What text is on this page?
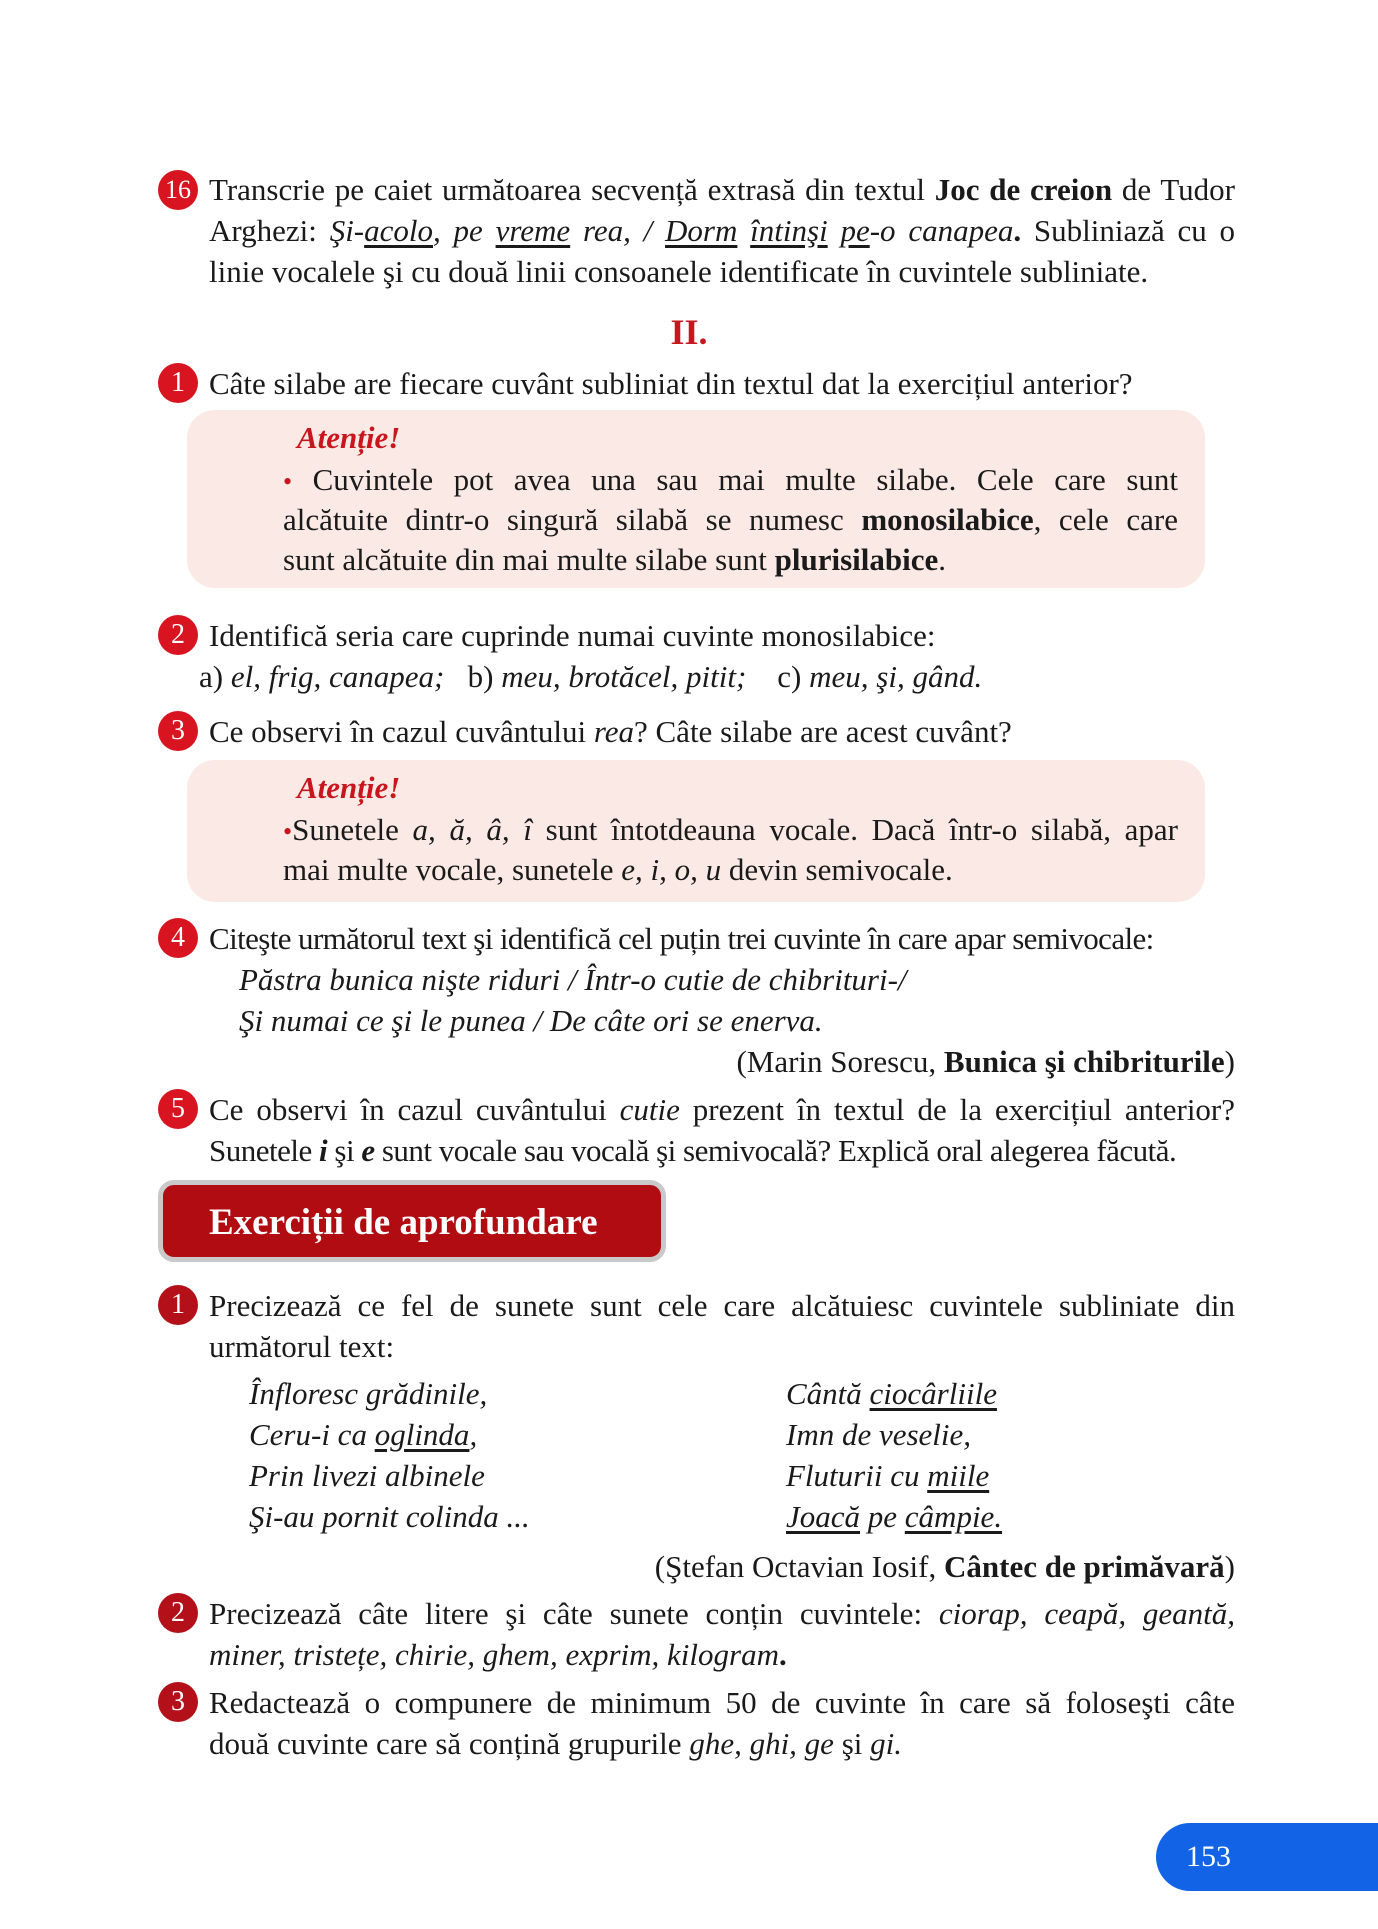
16 Transcrie pe caiet următoarea secvență extrasă din textul Joc de creion de Tudor
Arghezi: Şi-acolo, pe vreme rea, / Dorm întinşi pe-o canapea. Subliniază cu o
linie vocalele şi cu două linii consoanele identificate în cuvintele subliniate.
II.
1 Câte silabe are fiecare cuvânt subliniat din textul dat la exercițiul anterior?
Atenție!
• Cuvintele pot avea una sau mai multe silabe. Cele care sunt
alcătuite dintr-o singură silabă se numesc monosilabice, cele care
sunt alcătuite din mai multe silabe sunt plurisilabice.
2 Identifică seria care cuprinde numai cuvinte monosilabice:
a) el, frig, canapea; b) meu, brotăcel, pitit; c) meu, şi, gând.
3 Ce observi în cazul cuvântului rea? Câte silabe are acest cuvânt?
Atenție!
•Sunetele a, ă, â, î sunt întotdeauna vocale. Dacă într-o silabă, apar
mai multe vocale, sunetele e, i, o, u devin semivocale.
4 Citeşte următorul text şi identifică cel puțin trei cuvinte în care apar semivocale:
Păstra bunica nişte riduri / Într-o cutie de chibrituri-/
Şi numai ce şi le punea / De câte ori se enerva.
(Marin Sorescu, Bunica şi chibriturile)
5 Ce observi în cazul cuvântului cutie prezent în textul de la exercițiul anterior?
Sunetele i şi e sunt vocale sau vocală şi semivocală? Explică oral alegerea făcută.
Exerciții de aprofundare
1 Precizează ce fel de sunete sunt cele care alcătuiesc cuvintele subliniate din
următorul text:
Înfloresc grădinile,
Ceru-i ca oglinda,
Prin livezi albinele
Şi-au pornit colinda ...
Cântă ciocârliile
Imn de veselie,
Fluturii cu miile
Joacă pe câmpie.
(Ştefan Octavian Iosif, Cântec de primăvară)
2 Precizează câte litere şi câte sunete conțin cuvintele: ciorap, ceapă, geantă,
miner, tristețe, chirie, ghem, exprim, kilogram.
3 Redactează o compunere de minimum 50 de cuvinte în care să foloseşti câte
două cuvinte care să conțină grupurile ghe, ghi, ge şi gi.
153
